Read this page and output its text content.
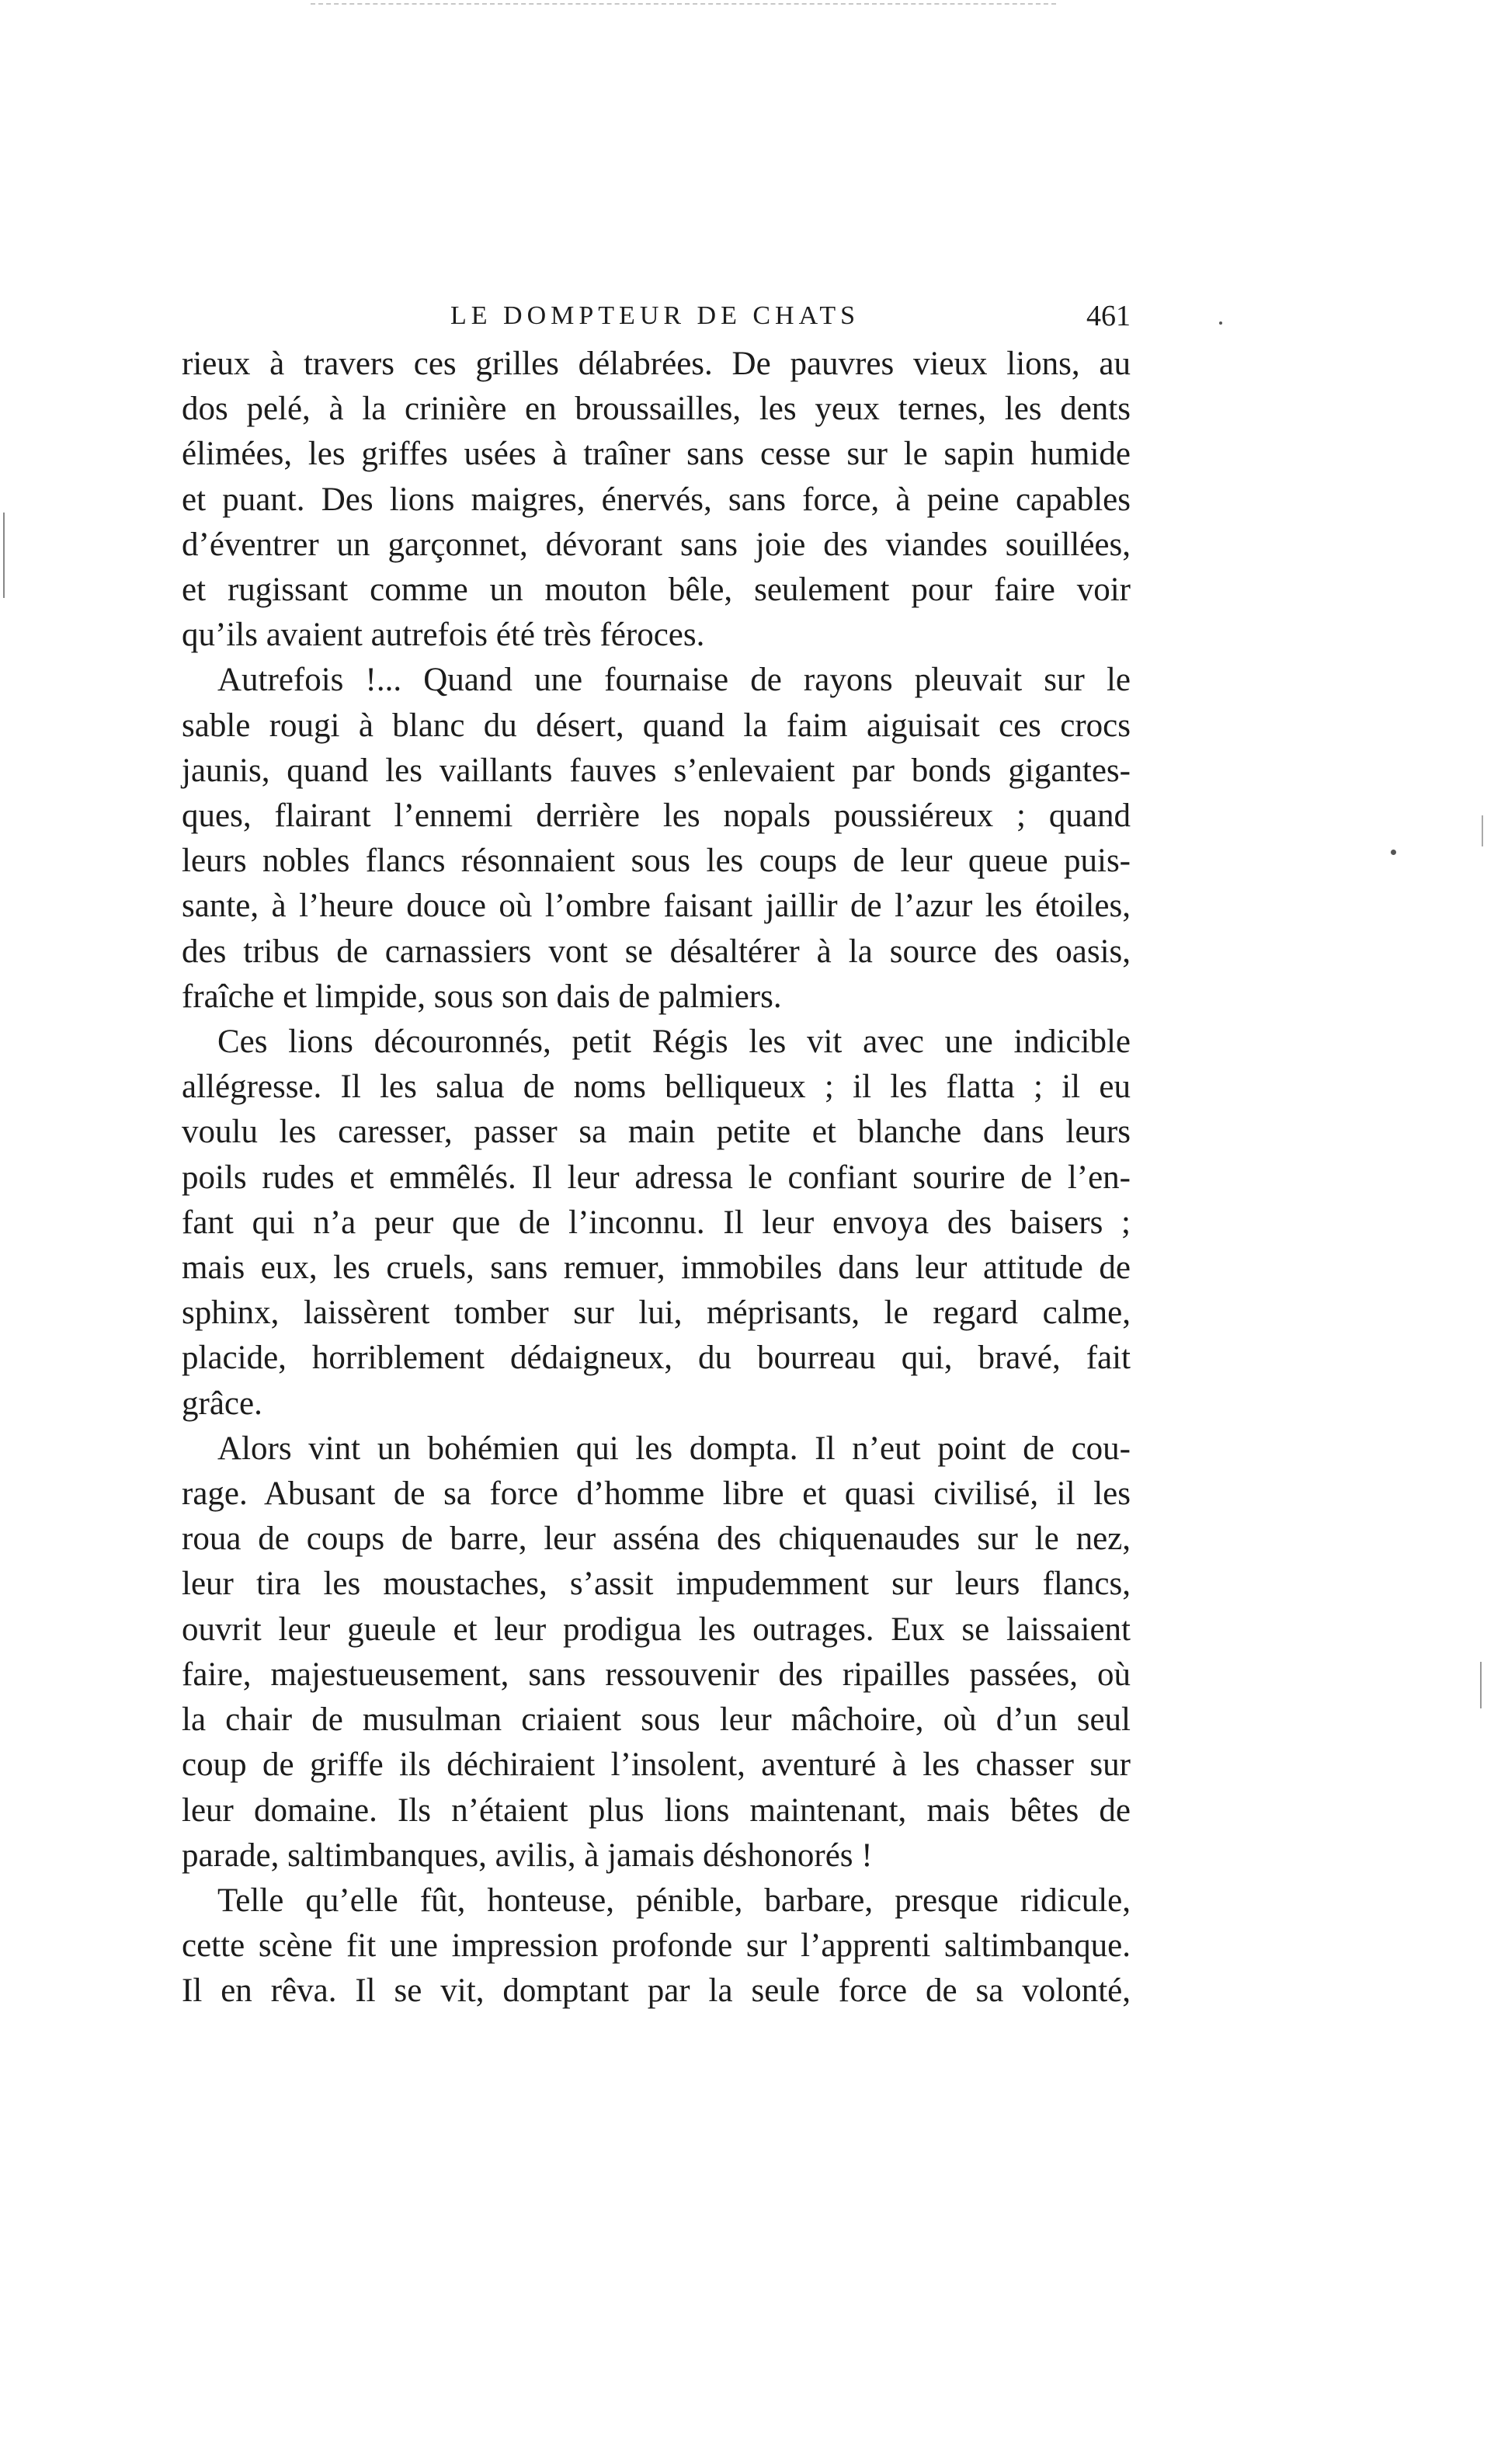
LE DOMPTEUR DE CHATS	461
rieux à travers ces grilles délabrées. De pauvres vieux lions, au
dos pelé, à la crinière en broussailles, les yeux ternes, les dents
élimées, les griffes usées à traîner sans cesse sur le sapin humide
et puant. Des lions maigres, énervés, sans force, à peine capables
d’éventrer un garçonnet, dévorant sans joie des viandes souillées,
et rugissant comme un mouton bêle, seulement pour faire voir
qu’ils avaient autrefois été très féroces.
Autrefois !... Quand une fournaise de rayons pleuvait sur le
sable rougi à blanc du désert, quand la faim aiguisait ces crocs
jaunis, quand les vaillants fauves s’enlevaient par bonds gigantes-
ques, flairant l’ennemi derrière les nopals poussiéreux ; quand
leurs nobles flancs résonnaient sous les coups de leur queue puis-
sante, à l’heure douce où l’ombre faisant jaillir de l’azur les étoiles,
des tribus de carnassiers vont se désaltérer à la source des oasis,
fraîche et limpide, sous son dais de palmiers.
Ces lions découronnés, petit Régis les vit avec une indicible
allégresse. Il les salua de noms belliqueux ; il les flatta ; il eu
voulu les caresser, passer sa main petite et blanche dans leurs
poils rudes et emmêlés. Il leur adressa le confiant sourire de l’en-
fant qui n’a peur que de l’inconnu. Il leur envoya des baisers ;
mais eux, les cruels, sans remuer, immobiles dans leur attitude de
sphinx, laissèrent tomber sur lui, méprisants, le regard calme,
placide, horriblement dédaigneux, du bourreau qui, bravé, fait
grâce.
Alors vint un bohémien qui les dompta. Il n’eut point de cou-
rage. Abusant de sa force d’homme libre et quasi civilisé, il les
roua de coups de barre, leur asséna des chiquenaudes sur le nez,
leur tira les moustaches, s’assit impudemment sur leurs flancs,
ouvrit leur gueule et leur prodigua les outrages. Eux se laissaient
faire, majestueusement, sans ressouvenir des ripailles passées, où
la chair de musulman criaient sous leur mâchoire, où d’un seul
coup de griffe ils déchiraient l’insolent, aventuré à les chasser sur
leur domaine. Ils n’étaient plus lions maintenant, mais bêtes de
parade, saltimbanques, avilis, à jamais déshonorés !
Telle qu’elle fût, honteuse, pénible, barbare, presque ridicule,
cette scène fit une impression profonde sur l’apprenti saltimbanque.
Il en rêva. Il se vit, domptant par la seule force de sa volonté,
